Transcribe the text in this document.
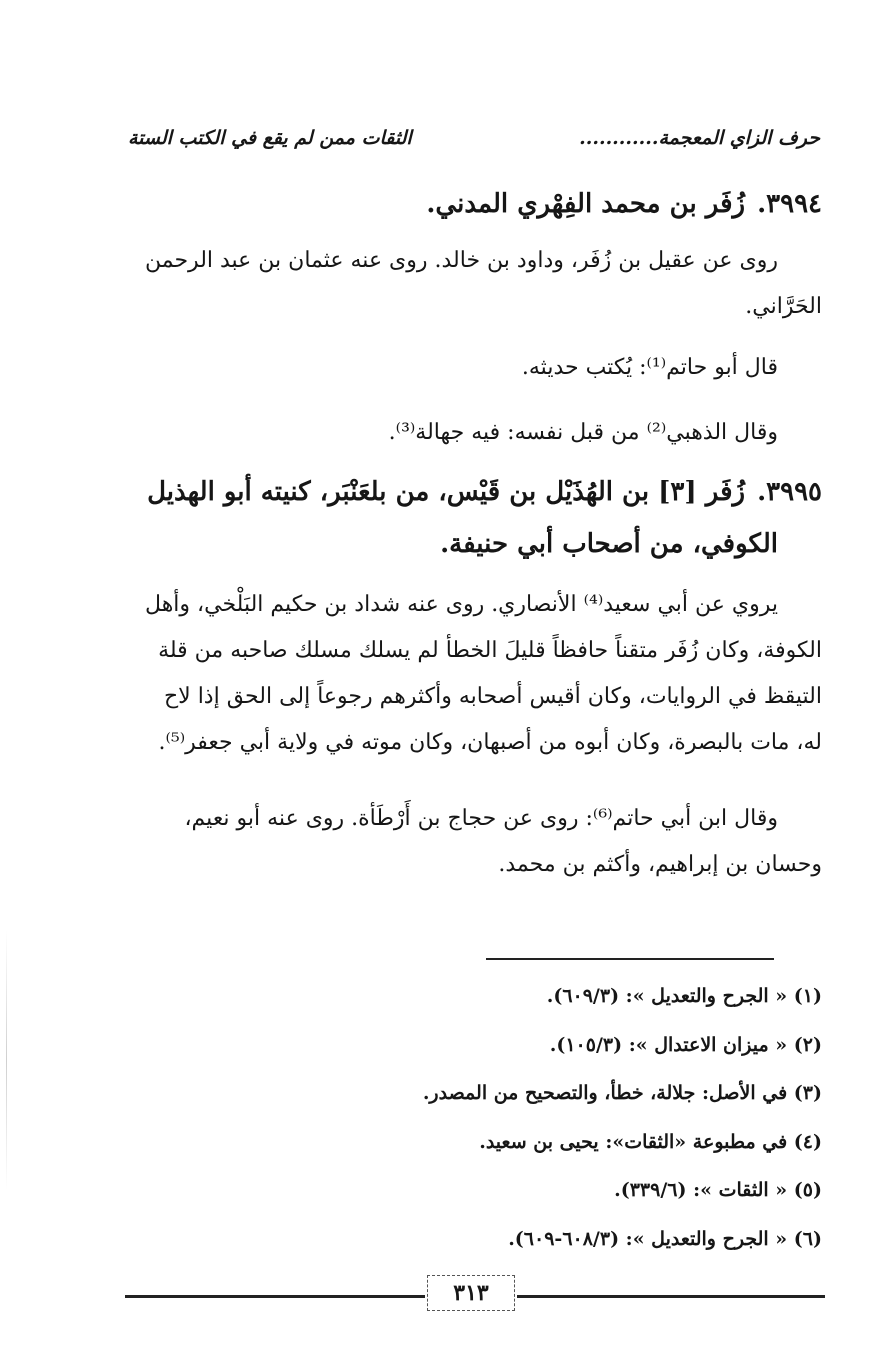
حرف الزاي المعجمة............
الثقات ممن لم يقع في الكتب الستة
٣٩٩٤.زُفَر بن محمد الفِهْري المدني.
روى عن عقيل بن زُفَر، وداود بن خالد. روى عنه عثمان بن عبد الرحمن
الحَرَّاني.
قال أبو حاتم⁽¹⁾: يُكتب حديثه.
وقال الذهبي⁽²⁾ من قبل نفسه: فيه جهالة⁽³⁾.
٣٩٩٥.زُفَر [٣] بن الهُذَيْل بن قَيْس، من بلعَنْبَر، كنيته أبو الهذيل
الكوفي، من أصحاب أبي حنيفة.
يروي عن أبي سعيد⁽⁴⁾ الأنصاري. روى عنه شداد بن حكيم البَلْخي، وأهل
الكوفة، وكان زُفَر متقناً حافظاً قليلَ الخطأ لم يسلك مسلك صاحبه من قلة
التيقظ في الروايات، وكان أقيس أصحابه وأكثرهم رجوعاً إلى الحق إذا لاح
له، مات بالبصرة، وكان أبوه من أصبهان، وكان موته في ولاية أبي جعفر⁽⁵⁾.
وقال ابن أبي حاتم⁽⁶⁾: روى عن حجاج بن أَرْطَأة. روى عنه أبو نعيم،
وحسان بن إبراهيم، وأكثم بن محمد.
(١) « الجرح والتعديل »: (٦٠٩/٣).
(٢) « ميزان الاعتدال »: (١٠٥/٣).
(٣) في الأصل: جلالة، خطأ، والتصحيح من المصدر.
(٤) في مطبوعة «الثقات»: يحيى بن سعيد.
(٥) « الثقات »: (٣٣٩/٦).
(٦) « الجرح والتعديل »: (٦٠٨/٣-٦٠٩).
٣١٣
